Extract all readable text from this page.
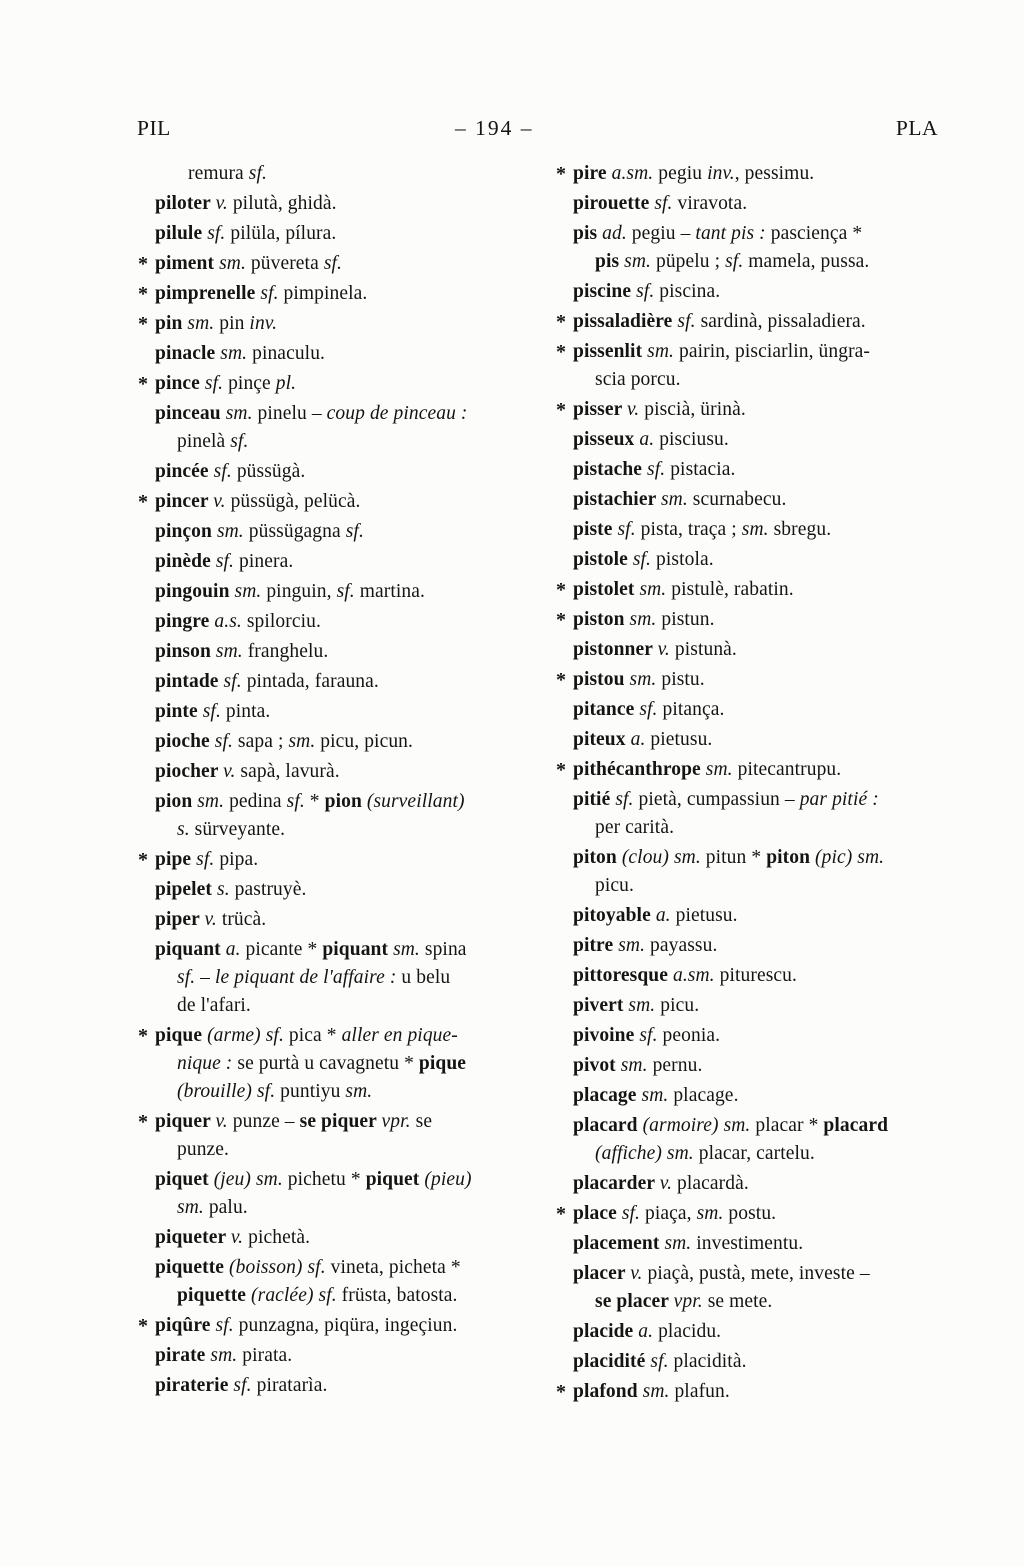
PIL	– 194 –	PLA
remura sf.
piloter v. pilutà, ghidà.
pilule sf. pilüla, pílura.
* piment sm. püvereta sf.
* pimprenelle sf. pimpinela.
* pin sm. pin inv.
pinacle sm. pinaculu.
* pince sf. pinçe pl.
pinceau sm. pinelu – coup de pinceau :
pinelà sf.
pincée sf. püssügà.
* pincer v. püssügà, pelücà.
pinçon sm. püssügagna sf.
pinède sf. pinera.
pingouin sm. pinguin, sf. martina.
pingre a.s. spilorciu.
pinson sm. franghelu.
pintade sf. pintada, farauna.
pinte sf. pinta.
pioche sf. sapa ; sm. picu, picun.
piocher v. sapà, lavurà.
pion sm. pedina sf. * pion (surveillant)
s. sürveyante.
* pipe sf. pipa.
pipelet s. pastruyè.
piper v. trücà.
piquant a. picante * piquant sm. spina
sf. – le piquant de l'affaire : u belu
de l'afari.
* pique (arme) sf. pica * aller en pique-
nique : se purtà u cavagnetu * pique
(brouille) sf. puntiyu sm.
* piquer v. punze – se piquer vpr. se
punze.
piquet (jeu) sm. pichetu * piquet (pieu)
sm. palu.
piqueter v. pichetà.
piquette (boisson) sf. vineta, picheta *
piquette (raclée) sf. früsta, batosta.
* piqûre sf. punzagna, piqüra, ingeçiun.
pirate sm. pirata.
piraterie sf. piratarìa.
* pire a.sm. pegiu inv., pessimu.
pirouette sf. viravota.
pis ad. pegiu – tant pis : pasciença *
pis sm. püpelu ; sf. mamela, pussa.
piscine sf. piscina.
* pissaladière sf. sardinà, pissaladiera.
* pissenlit sm. pairin, pisciarlin, üngra-
scia porcu.
* pisser v. piscià, ürinà.
pisseux a. pisciusu.
pistache sf. pistacia.
pistachier sm. scurnabecu.
piste sf. pista, traça ; sm. sbregu.
pistole sf. pistola.
* pistolet sm. pistulè, rabatin.
* piston sm. pistun.
pistonner v. pistunà.
* pistou sm. pistu.
pitance sf. pitança.
piteux a. pietusu.
* pithécanthrope sm. pitecantrupu.
pitié sf. pietà, cumpassiun – par pitié :
per carità.
piton (clou) sm. pitun * piton (pic) sm.
picu.
pitoyable a. pietusu.
pitre sm. payassu.
pittoresque a.sm. piturescu.
pivert sm. picu.
pivoine sf. peonia.
pivot sm. pernu.
placage sm. placage.
placard (armoire) sm. placar * placard
(affiche) sm. placar, cartelu.
placarder v. placardà.
* place sf. piaça, sm. postu.
placement sm. investimentu.
placer v. piaçà, pustà, mete, investe –
se placer vpr. se mete.
placide a. placidu.
placidité sf. placidità.
* plafond sm. plafun.
